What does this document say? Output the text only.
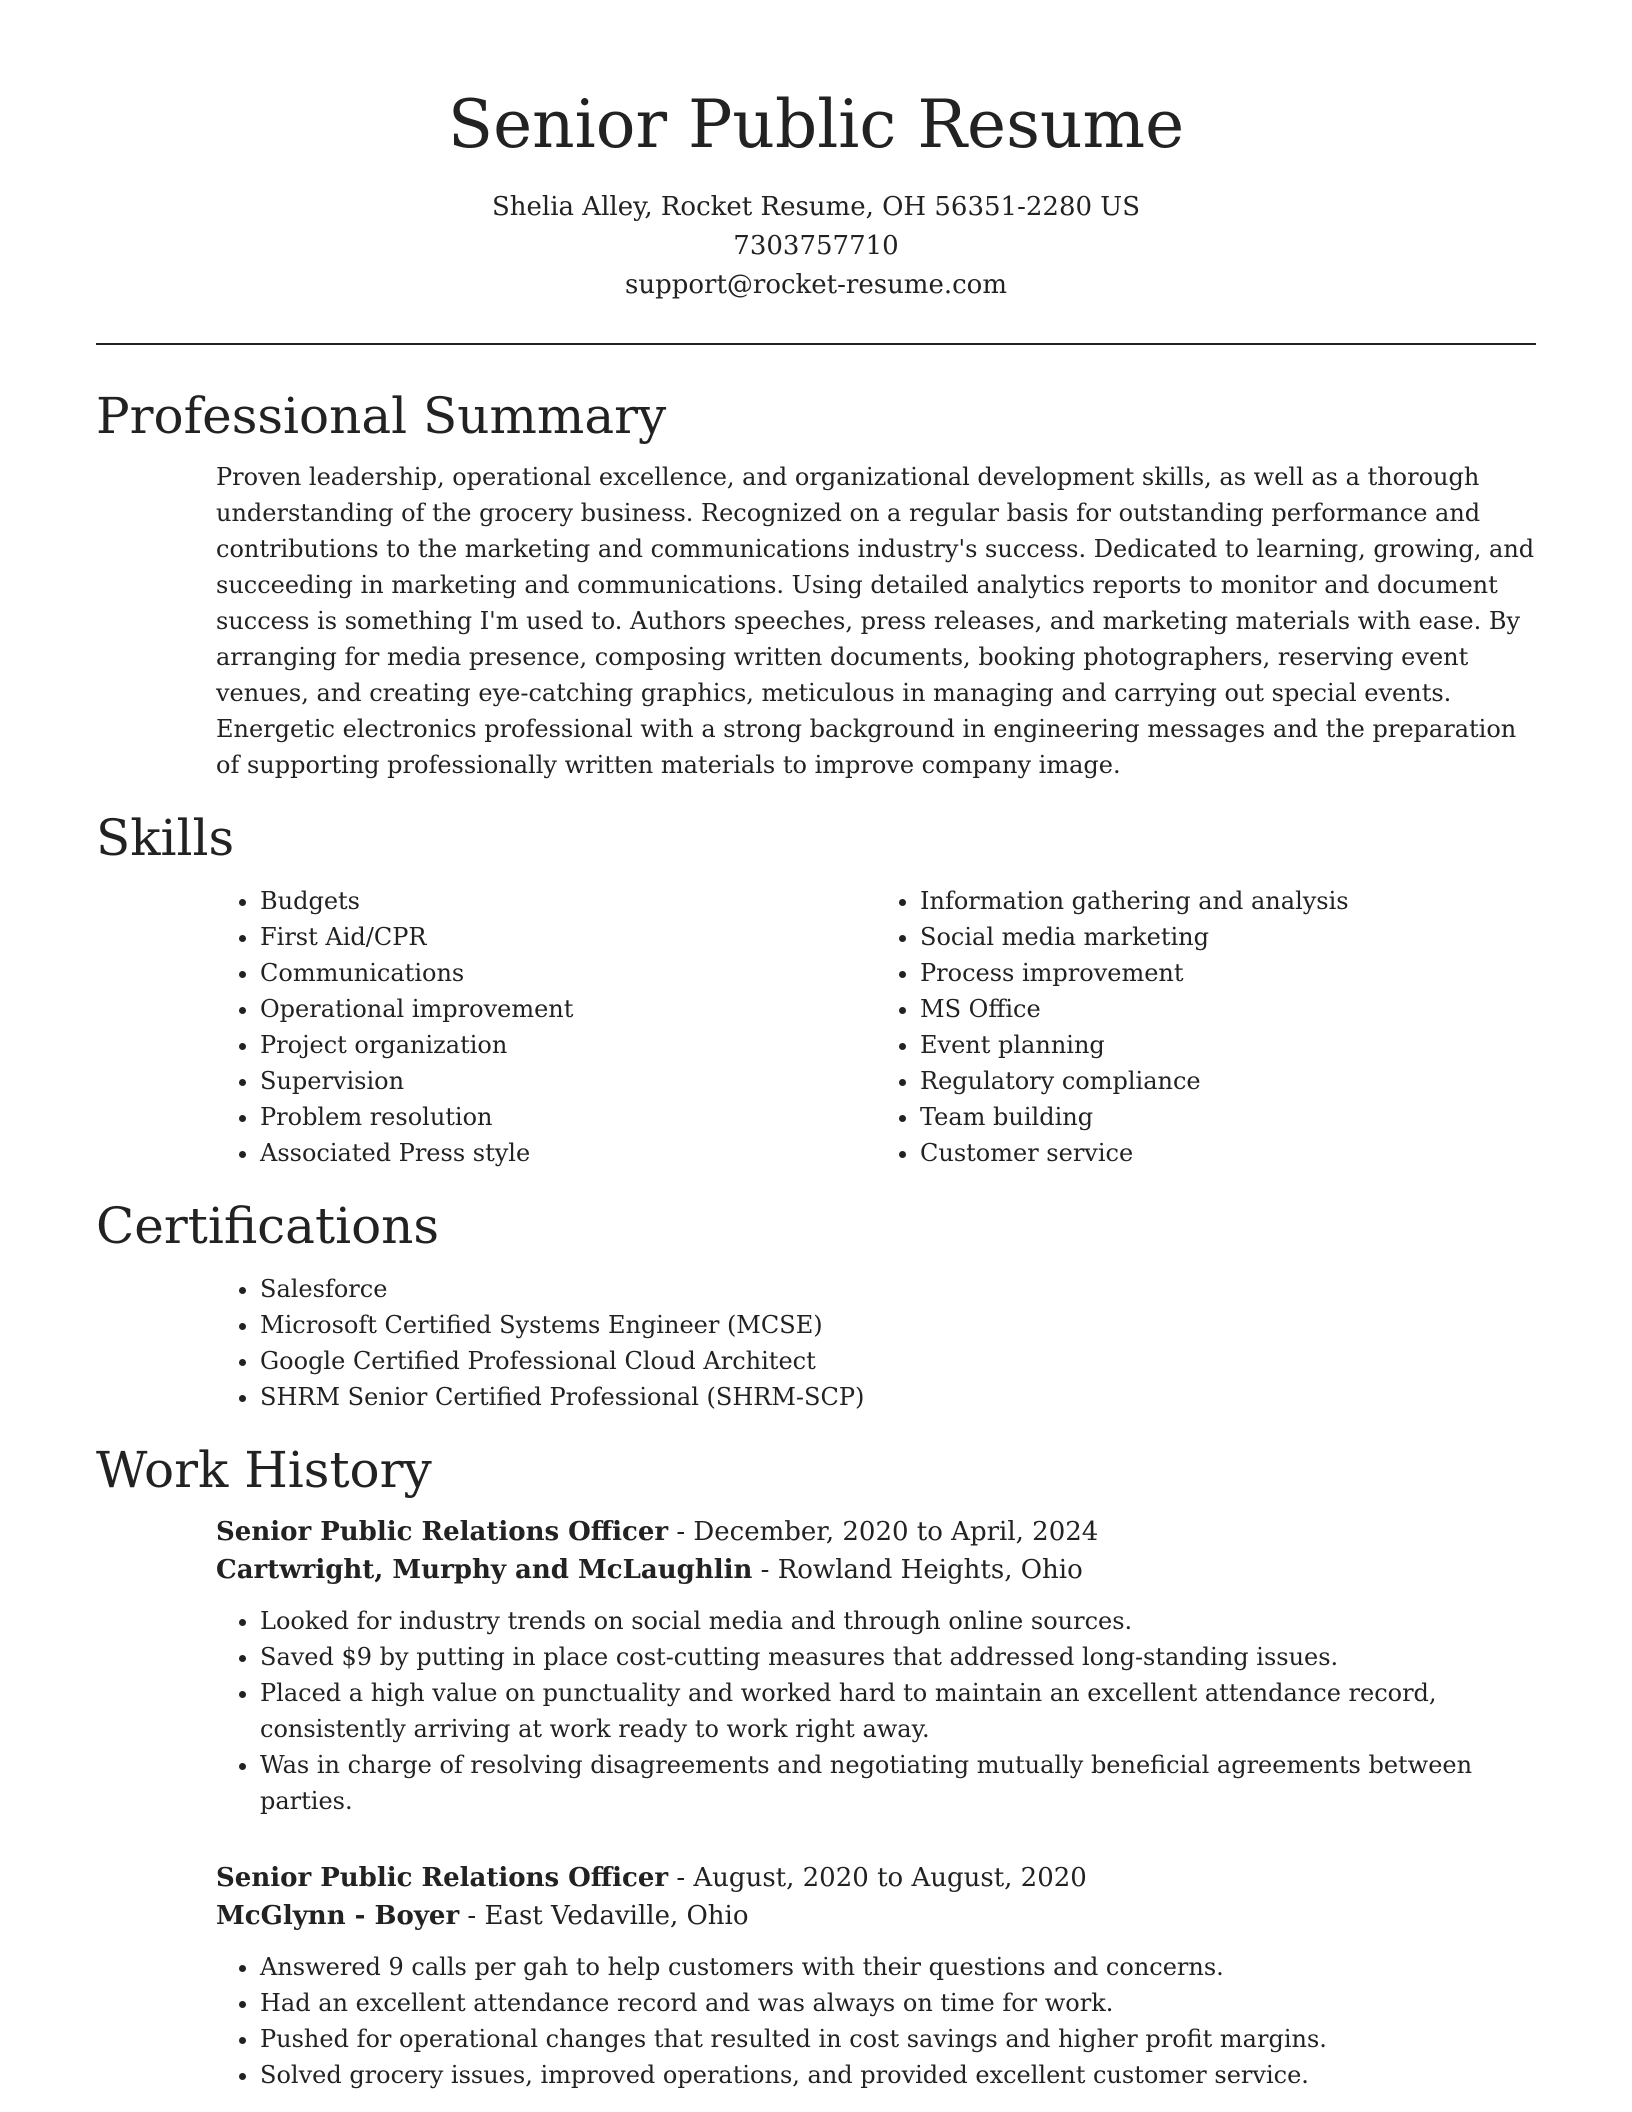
Senior Public Resume
Shelia Alley, Rocket Resume, OH 56351-2280 US
7303757710
support@rocket-resume.com
Professional Summary

Proven leadership, operational excellence, and organizational development skills, as well as a thorough understanding of the grocery business. Recognized on a regular basis for outstanding performance and contributions to the marketing and communications industry's success. Dedicated to learning, growing, and succeeding in marketing and communications. Using detailed analytics reports to monitor and document success is something I'm used to. Authors speeches, press releases, and marketing materials with ease. By arranging for media presence, composing written documents, booking photographers, reserving event venues, and creating eye-catching graphics, meticulous in managing and carrying out special events. Energetic electronics professional with a strong background in engineering messages and the preparation of supporting professionally written materials to improve company image.

Skills
• Budgets
• First Aid/CPR
• Communications
• Operational improvement
• Project organization
• Supervision
• Problem resolution
• Associated Press style
• Information gathering and analysis
• Social media marketing
• Process improvement
• MS Office
• Event planning
• Regulatory compliance
• Team building
• Customer service
Certifications
• Salesforce
• Microsoft Certified Systems Engineer (MCSE)
• Google Certified Professional Cloud Architect
• SHRM Senior Certified Professional (SHRM-SCP)
Work History
Senior Public Relations Officer - December, 2020 to April, 2024
Cartwright, Murphy and McLaughlin - Rowland Heights, Ohio
• Looked for industry trends on social media and through online sources.
• Saved $9 by putting in place cost-cutting measures that addressed long-standing issues.
• Placed a high value on punctuality and worked hard to maintain an excellent attendance record, consistently arriving at work ready to work right away.
• Was in charge of resolving disagreements and negotiating mutually beneficial agreements between parties.
Senior Public Relations Officer - August, 2020 to August, 2020
McGlynn - Boyer - East Vedaville, Ohio
• Answered 9 calls per gah to help customers with their questions and concerns.
• Had an excellent attendance record and was always on time for work.
• Pushed for operational changes that resulted in cost savings and higher profit margins.
• Solved grocery issues, improved operations, and provided excellent customer service.
